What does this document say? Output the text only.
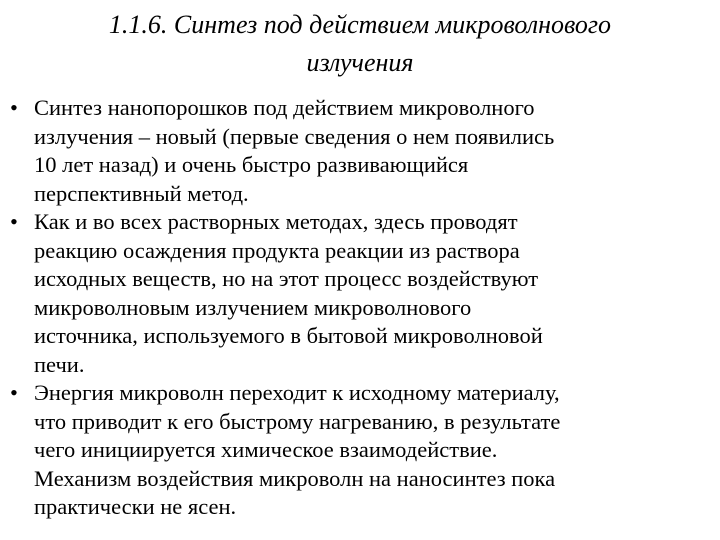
1.1.6. Синтез под действием микроволнового
излучения
• Синтез нанопорошков под действием микроволного
излучения – новый (первые сведения о нем появились
10 лет назад) и очень быстро развивающийся
перспективный метод.
• Как и во всех растворных методах, здесь проводят
реакцию осаждения продукта реакции из раствора
исходных веществ, но на этот процесс воздействуют
микроволновым излучением микроволнового
источника, используемого в бытовой микроволновой
печи.
• Энергия микроволн переходит к исходному материалу,
что приводит к его быстрому нагреванию, в результате
чего инициируется химическое взаимодействие.
Механизм воздействия микроволн на наносинтез пока
практически не ясен.
